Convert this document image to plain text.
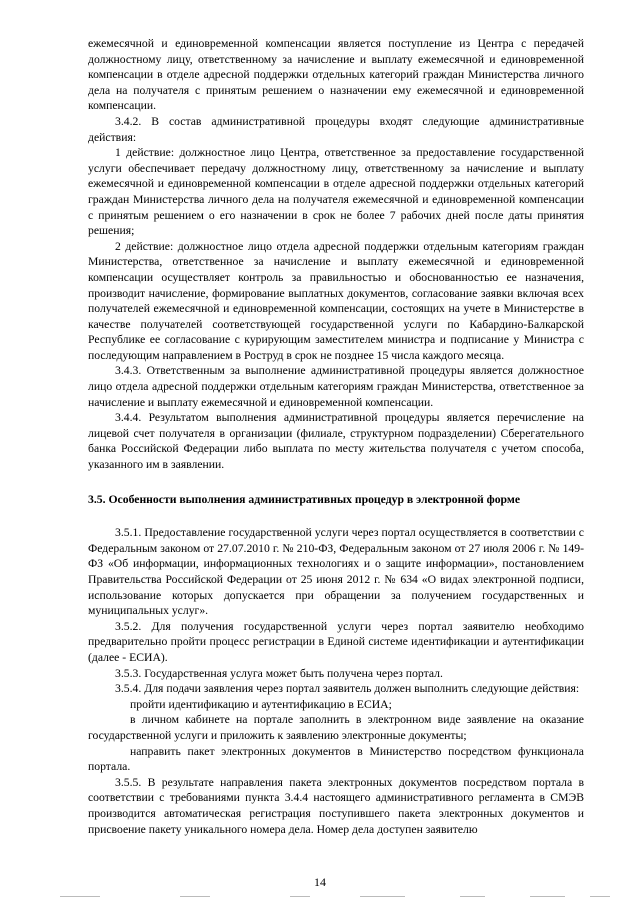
ежемесячной и единовременной компенсации является поступление из Центра с передачей должностному лицу, ответственному за начисление и выплату ежемесячной и единовременной компенсации в отделе адресной поддержки отдельных категорий граждан Министерства личного дела на получателя с принятым решением о назначении ему ежемесячной и единовременной компенсации.

3.4.2. В состав административной процедуры входят следующие административные действия:

1 действие: должностное лицо Центра, ответственное за предоставление государственной услуги обеспечивает передачу должностному лицу, ответственному за начисление и выплату ежемесячной и единовременной компенсации в отделе адресной поддержки отдельных категорий граждан Министерства личного дела на получателя ежемесячной и единовременной компенсации с принятым решением о его назначении в срок не более 7 рабочих дней после даты принятия решения;

2 действие: должностное лицо отдела адресной поддержки отдельным категориям граждан Министерства, ответственное за начисление и выплату ежемесячной и единовременной компенсации осуществляет контроль за правильностью и обоснованностью ее назначения, производит начисление, формирование выплатных документов, согласование заявки включая всех получателей ежемесячной и единовременной компенсации, состоящих на учете в Министерстве в качестве получателей соответствующей государственной услуги по Кабардино-Балкарской Республике ее согласование с курирующим заместителем министра и подписание у Министра с последующим направлением в Роструд в срок не позднее 15 числа каждого месяца.

3.4.3. Ответственным за выполнение административной процедуры является должностное лицо отдела адресной поддержки отдельным категориям граждан Министерства, ответственное за начисление и выплату ежемесячной и единовременной компенсации.

3.4.4. Результатом выполнения административной процедуры является перечисление на лицевой счет получателя в организации (филиале, структурном подразделении) Сберегательного банка Российской Федерации либо выплата по месту жительства получателя с учетом способа, указанного им в заявлении.

3.5. Особенности выполнения административных процедур в электронной форме

3.5.1. Предоставление государственной услуги через портал осуществляется в соответствии с Федеральным законом от 27.07.2010 г. № 210-ФЗ, Федеральным законом от 27 июля 2006 г. № 149-ФЗ «Об информации, информационных технологиях и о защите информации», постановлением Правительства Российской Федерации от 25 июня 2012 г. № 634 «О видах электронной подписи, использование которых допускается при обращении за получением государственных и муниципальных услуг».

3.5.2. Для получения государственной услуги через портал заявителю необходимо предварительно пройти процесс регистрации в Единой системе идентификации и аутентификации (далее - ЕСИА).

3.5.3. Государственная услуга может быть получена через портал.

3.5.4. Для подачи заявления через портал заявитель должен выполнить следующие действия:

пройти идентификацию и аутентификацию в ЕСИА;

в личном кабинете на портале заполнить в электронном виде заявление на оказание государственной услуги и приложить к заявлению электронные документы;

направить пакет электронных документов в Министерство посредством функционала портала.

3.5.5. В результате направления пакета электронных документов посредством портала в соответствии с требованиями пункта 3.4.4 настоящего административного регламента в СМЭВ производится автоматическая регистрация поступившего пакета электронных документов и присвоение пакету уникального номера дела. Номер дела доступен заявителю

14
